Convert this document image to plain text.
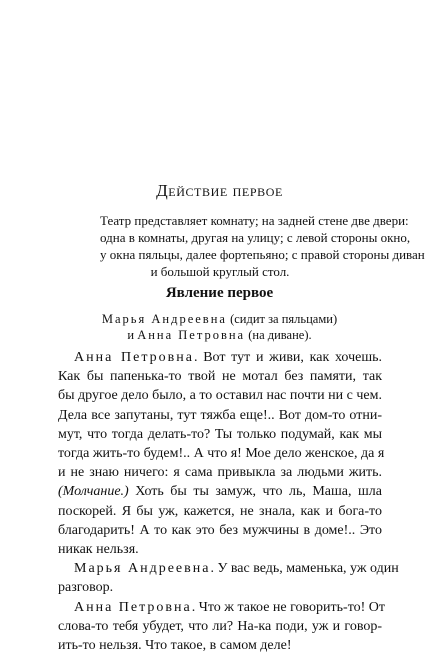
Действие первое
Театр представляет комнату; на задней стене две двери:
одна в комнаты, другая на улицу; с левой стороны окно,
у окна пяльцы, далее фортепьяно; с правой стороны диван
и большой круглый стол.
Явление первое
Марья Андреевна (сидит за пяльцами)
и Анна Петровна (на диване).
Анна Петровна. Вот тут и живи, как хочешь.
Как бы папенька-то твой не мотал без памяти, так
бы другое дело было, а то оставил нас почти ни с чем.
Дела все запутаны, тут тяжба еще!.. Вот дом-то отни-
мут, что тогда делать-то? Ты только подумай, как мы
тогда жить-то будем!.. А что я! Мое дело женское, да я
и не знаю ничего: я сама привыкла за людьми жить.
(Молчание.) Хоть бы ты замуж, что ль, Маша, шла
поскорей. Я бы уж, кажется, не знала, как и бога-то
благодарить! А то как это без мужчины в доме!.. Это
никак нельзя.
Марья Андреевна. У вас ведь, маменька, уж один
разговор.
Анна Петровна. Что ж такое не говорить-то! От
слова-то тебя убудет, что ли? На-ка поди, уж и говор-
ить-то нельзя. Что такое, в самом деле!
